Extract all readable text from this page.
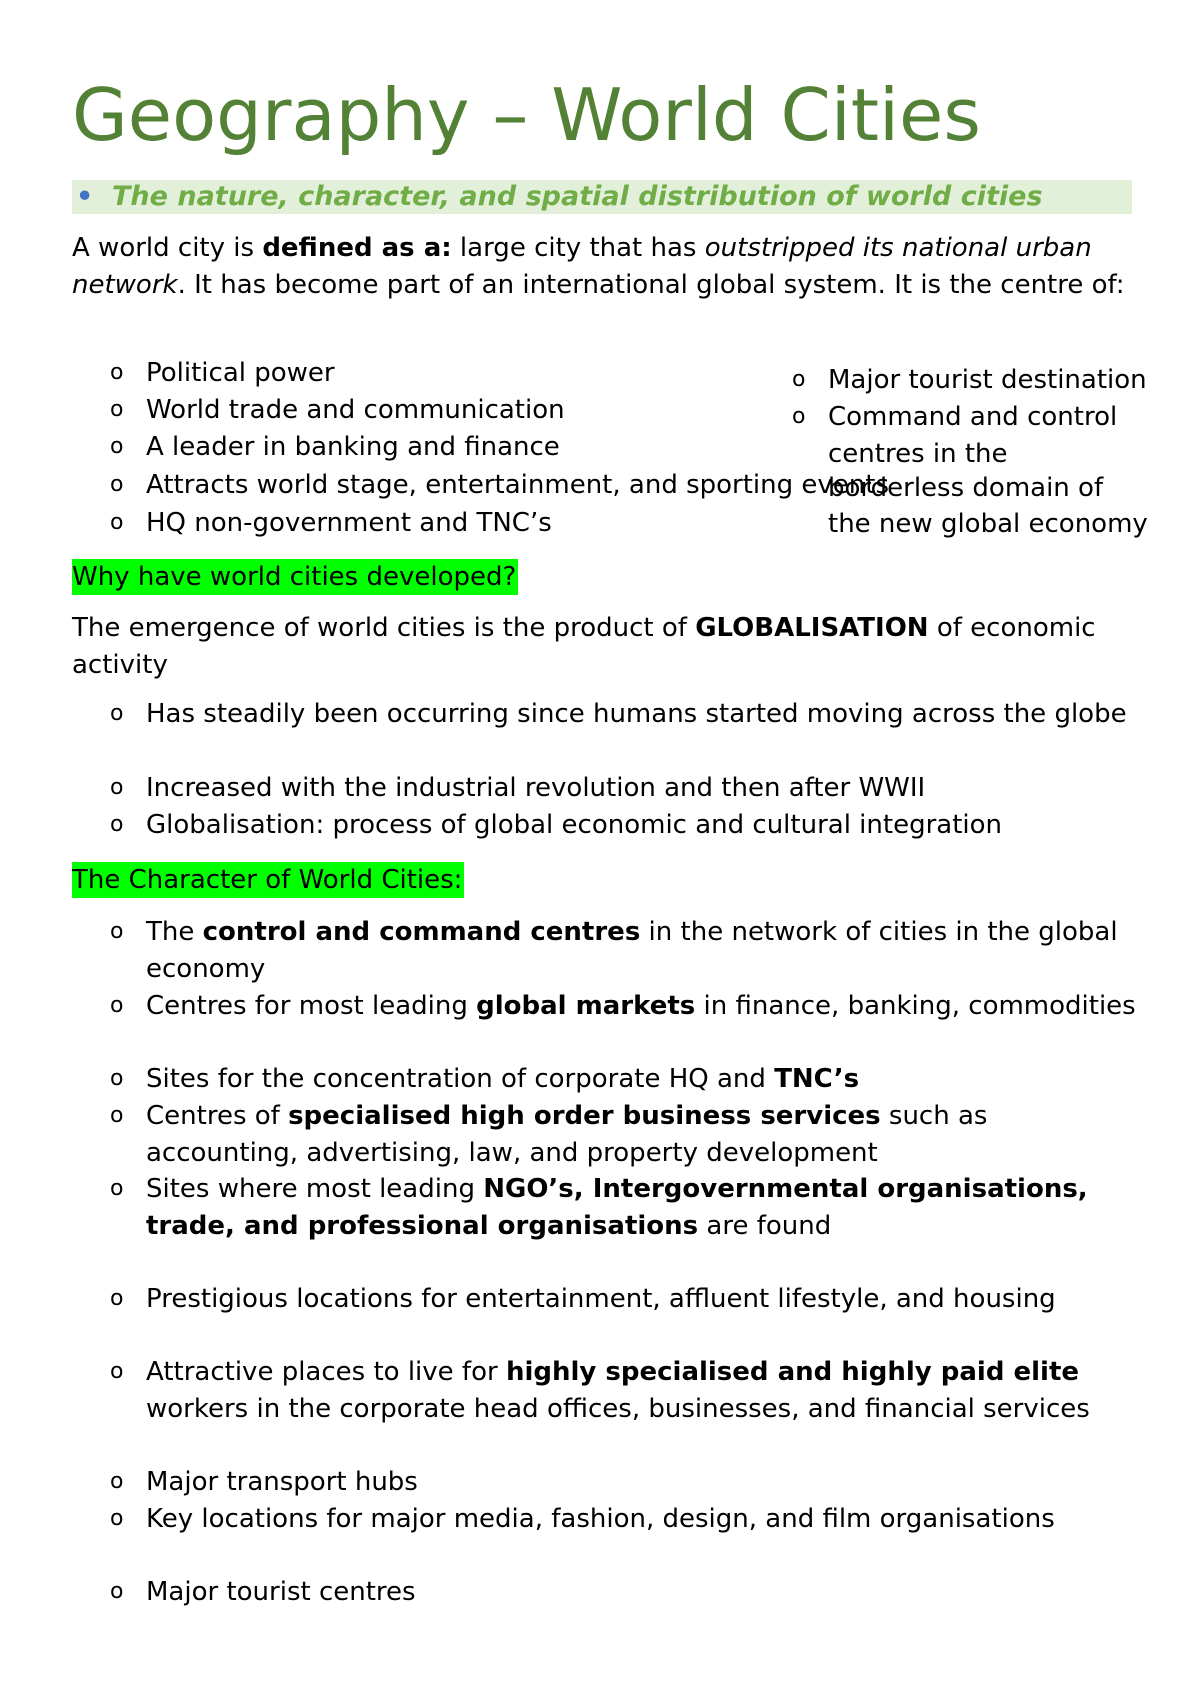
Geography – World Cities
• The nature, character, and spatial distribution of world cities
A world city is defined as a: large city that has outstripped its national urban network. It has become part of an international global system. It is the centre of:
o Political power
o World trade and communication
o A leader in banking and finance
o Attracts world stage, entertainment, and sporting events
o HQ non-government and TNC’s
o Major tourist destination
o Command and control
centres in the
borderless domain of
the new global economy
Why have world cities developed?
The emergence of world cities is the product of GLOBALISATION of economic activity
o Has steadily been occurring since humans started moving across the globe
o Increased with the industrial revolution and then after WWII
o Globalisation: process of global economic and cultural integration
The Character of World Cities:
o The control and command centres in the network of cities in the global economy
o Centres for most leading global markets in finance, banking, commodities
o Sites for the concentration of corporate HQ and TNC’s
o Centres of specialised high order business services such as accounting, advertising, law, and property development
o Sites where most leading NGO’s, Intergovernmental organisations, trade, and professional organisations are found
o Prestigious locations for entertainment, affluent lifestyle, and housing
o Attractive places to live for highly specialised and highly paid elite workers in the corporate head offices, businesses, and financial services
o Major transport hubs
o Key locations for major media, fashion, design, and film organisations
o Major tourist centres
